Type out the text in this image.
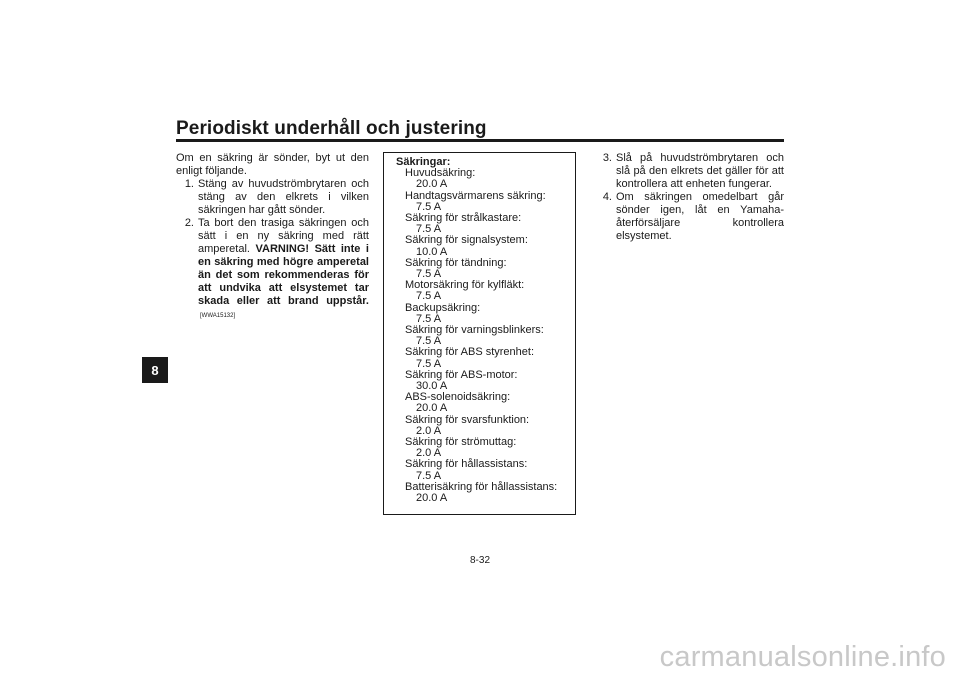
Periodiskt underhåll och justering
8
Om en säkring är sönder, byt ut den enligt följande.
1. Stäng av huvudströmbrytaren och stäng av den elkrets i vilken säkringen har gått sönder.
2. Ta bort den trasiga säkringen och sätt i en ny säkring med rätt amperetal. VARNING! Sätt inte i en säkring med högre amperetal än det som rekommenderas för att undvika att elsystemet tar skada eller att brand uppstår.[WWA15132]
Säkringar:
Huvudsäkring:
20.0 A
Handtagsvärmarens säkring:
7.5 A
Säkring för strålkastare:
7.5 A
Säkring för signalsystem:
10.0 A
Säkring för tändning:
7.5 A
Motorsäkring för kylfläkt:
7.5 A
Backupsäkring:
7.5 A
Säkring för varningsblinkers:
7.5 A
Säkring för ABS styrenhet:
7.5 A
Säkring för ABS-motor:
30.0 A
ABS-solenoidsäkring:
20.0 A
Säkring för svarsfunktion:
2.0 A
Säkring för strömuttag:
2.0 A
Säkring för hållassistans:
7.5 A
Batterisäkring för hållassistans:
20.0 A
3. Slå på huvudströmbrytaren och slå på den elkrets det gäller för att kontrollera att enheten fungerar.
4. Om säkringen omedelbart går sönder igen, låt en Yamaha-återförsäljare kontrollera elsystemet.
8-32
carmanualsonline.info
